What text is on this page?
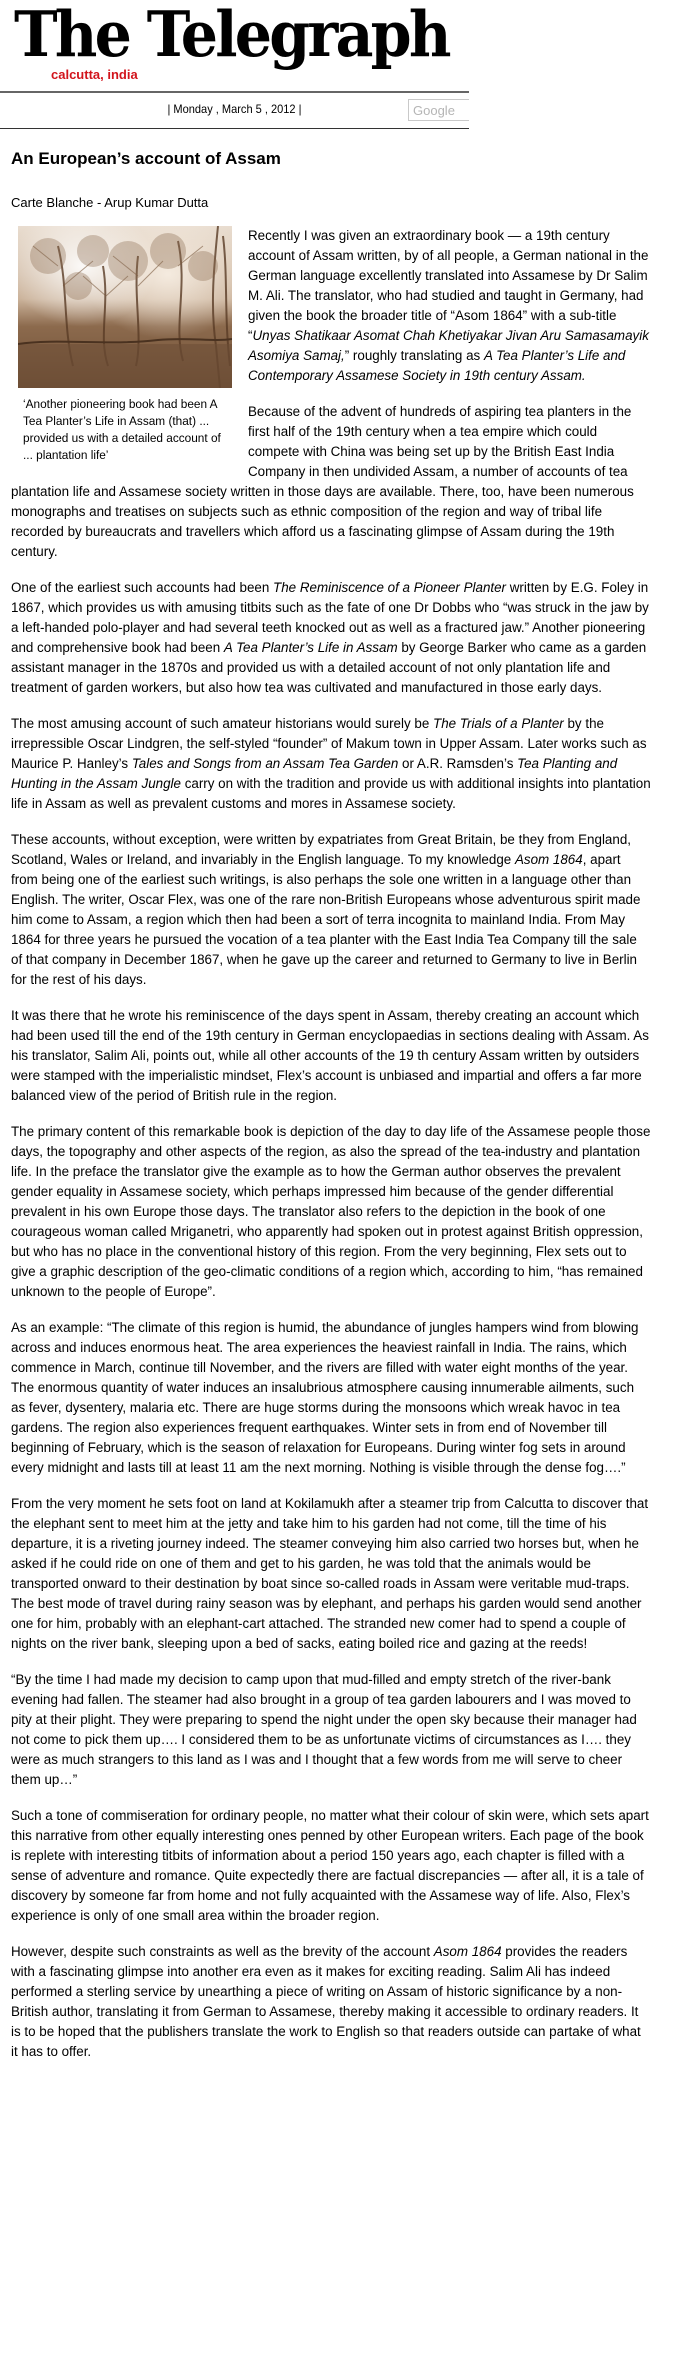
The Telegraph
calcutta, india
| Monday , March 5 , 2012 |	Google
An European’s account of Assam
Carte Blanche - Arup Kumar Dutta
‘Another pioneering book had been A Tea Planter’s Life in Assam (that) ... provided us with a detailed account of ... plantation life’

Recently I was given an extraordinary book — a 19th century account of Assam written, by of all people, a German national in the German language excellently translated into Assamese by Dr Salim M. Ali. The translator, who had studied and taught in Germany, had given the book the broader title of “Asom 1864” with a sub-title “Unyas Shatikaar Asomat Chah Khetiyakar Jivan Aru Samasamayik Asomiya Samaj,” roughly translating as A Tea Planter’s Life and Contemporary Assamese Society in 19th century Assam.

Because of the advent of hundreds of aspiring tea planters in the first half of the 19th century when a tea empire which could compete with China was being set up by the British East India Company in then undivided Assam, a number of accounts of tea plantation life and Assamese society written in those days are available. There, too, have been numerous monographs and treatises on subjects such as ethnic composition of the region and way of tribal life recorded by bureaucrats and travellers which afford us a fascinating glimpse of Assam during the 19th century.

One of the earliest such accounts had been The Reminiscence of a Pioneer Planter written by E.G. Foley in 1867, which provides us with amusing titbits such as the fate of one Dr Dobbs who “was struck in the jaw by a left-handed polo-player and had several teeth knocked out as well as a fractured jaw.” Another pioneering and comprehensive book had been A Tea Planter’s Life in Assam by George Barker who came as a garden assistant manager in the 1870s and provided us with a detailed account of not only plantation life and treatment of garden workers, but also how tea was cultivated and manufactured in those early days.

The most amusing account of such amateur historians would surely be The Trials of a Planter by the irrepressible Oscar Lindgren, the self-styled “founder” of Makum town in Upper Assam. Later works such as Maurice P. Hanley’s Tales and Songs from an Assam Tea Garden or A.R. Ramsden’s Tea Planting and Hunting in the Assam Jungle carry on with the tradition and provide us with additional insights into plantation life in Assam as well as prevalent customs and mores in Assamese society.

These accounts, without exception, were written by expatriates from Great Britain, be they from England, Scotland, Wales or Ireland, and invariably in the English language. To my knowledge Asom 1864, apart from being one of the earliest such writings, is also perhaps the sole one written in a language other than English. The writer, Oscar Flex, was one of the rare non-British Europeans whose adventurous spirit made him come to Assam, a region which then had been a sort of terra incognita to mainland India. From May 1864 for three years he pursued the vocation of a tea planter with the East India Tea Company till the sale of that company in December 1867, when he gave up the career and returned to Germany to live in Berlin for the rest of his days.

It was there that he wrote his reminiscence of the days spent in Assam, thereby creating an account which had been used till the end of the 19th century in German encyclopaedias in sections dealing with Assam. As his translator, Salim Ali, points out, while all other accounts of the 19 th century Assam written by outsiders were stamped with the imperialistic mindset, Flex’s account is unbiased and impartial and offers a far more balanced view of the period of British rule in the region.

The primary content of this remarkable book is depiction of the day to day life of the Assamese people those days, the topography and other aspects of the region, as also the spread of the tea-industry and plantation life. In the preface the translator give the example as to how the German author observes the prevalent gender equality in Assamese society, which perhaps impressed him because of the gender differential prevalent in his own Europe those days. The translator also refers to the depiction in the book of one courageous woman called Mriganetri, who apparently had spoken out in protest against British oppression, but who has no place in the conventional history of this region. From the very beginning, Flex sets out to give a graphic description of the geo-climatic conditions of a region which, according to him, “has remained unknown to the people of Europe”.

As an example: “The climate of this region is humid, the abundance of jungles hampers wind from blowing across and induces enormous heat. The area experiences the heaviest rainfall in India. The rains, which commence in March, continue till November, and the rivers are filled with water eight months of the year. The enormous quantity of water induces an insalubrious atmosphere causing innumerable ailments, such as fever, dysentery, malaria etc. There are huge storms during the monsoons which wreak havoc in tea gardens. The region also experiences frequent earthquakes. Winter sets in from end of November till beginning of February, which is the season of relaxation for Europeans. During winter fog sets in around every midnight and lasts till at least 11 am the next morning. Nothing is visible through the dense fog….”

From the very moment he sets foot on land at Kokilamukh after a steamer trip from Calcutta to discover that the elephant sent to meet him at the jetty and take him to his garden had not come, till the time of his departure, it is a riveting journey indeed. The steamer conveying him also carried two horses but, when he asked if he could ride on one of them and get to his garden, he was told that the animals would be transported onward to their destination by boat since so-called roads in Assam were veritable mud-traps. The best mode of travel during rainy season was by elephant, and perhaps his garden would send another one for him, probably with an elephant-cart attached. The stranded new comer had to spend a couple of nights on the river bank, sleeping upon a bed of sacks, eating boiled rice and gazing at the reeds!

“By the time I had made my decision to camp upon that mud-filled and empty stretch of the river-bank evening had fallen. The steamer had also brought in a group of tea garden labourers and I was moved to pity at their plight. They were preparing to spend the night under the open sky because their manager had not come to pick them up…. I considered them to be as unfortunate victims of circumstances as I…. they were as much strangers to this land as I was and I thought that a few words from me will serve to cheer them up…”

Such a tone of commiseration for ordinary people, no matter what their colour of skin were, which sets apart this narrative from other equally interesting ones penned by other European writers. Each page of the book is replete with interesting titbits of information about a period 150 years ago, each chapter is filled with a sense of adventure and romance. Quite expectedly there are factual discrepancies — after all, it is a tale of discovery by someone far from home and not fully acquainted with the Assamese way of life. Also, Flex’s experience is only of one small area within the broader region.

However, despite such constraints as well as the brevity of the account Asom 1864 provides the readers with a fascinating glimpse into another era even as it makes for exciting reading. Salim Ali has indeed performed a sterling service by unearthing a piece of writing on Assam of historic significance by a non-British author, translating it from German to Assamese, thereby making it accessible to ordinary readers. It is to be hoped that the publishers translate the work to English so that readers outside can partake of what it has to offer.
